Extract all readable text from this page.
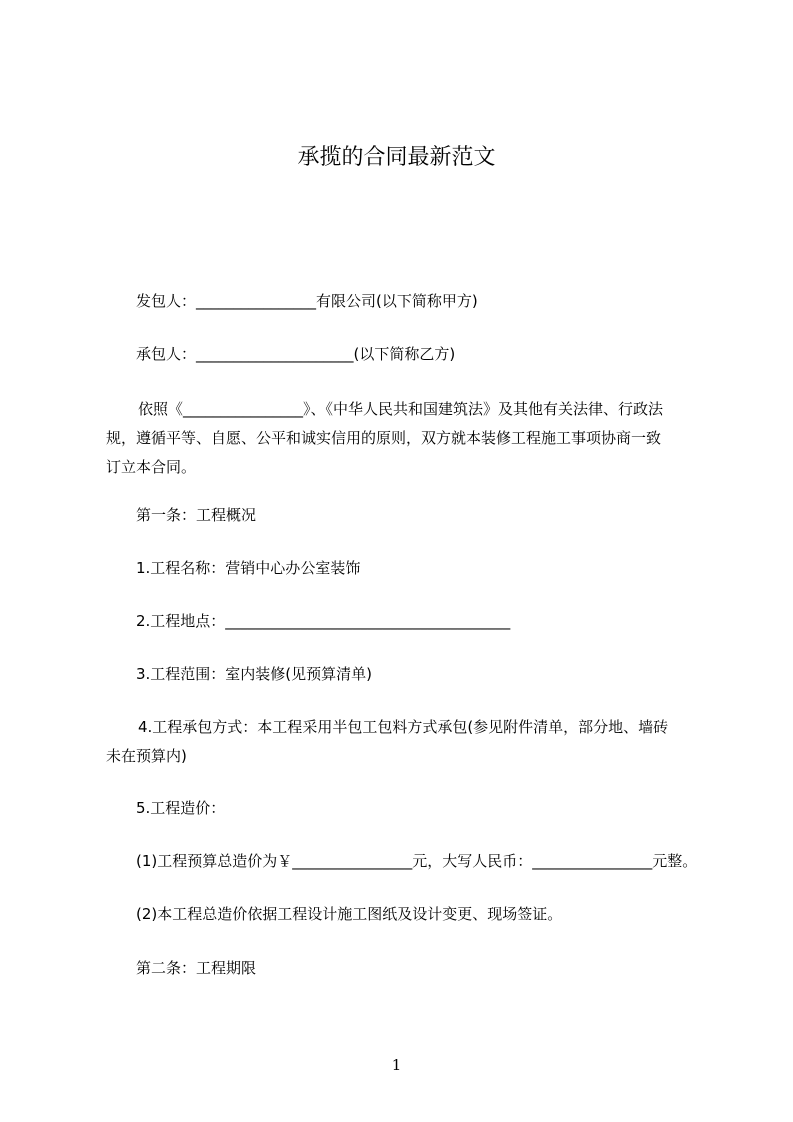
承揽的合同最新范文
发包人：________________有限公司(以下简称甲方)
承包人：_____________________(以下简称乙方)
依照《________________》、《中华人民共和国建筑法》及其他有关法律、行政法
规，遵循平等、自愿、公平和诚实信用的原则，双方就本装修工程施工事项协商一致
订立本合同。
第一条：工程概况
1.工程名称：营销中心办公室装饰
2.工程地点：______________________________________
3.工程范围：室内装修(见预算清单)
4.工程承包方式：本工程采用半包工包料方式承包(参见附件清单，部分地、墙砖
未在预算内)
5.工程造价：
(1)工程预算总造价为￥________________元，大写人民币：________________元整。
(2)本工程总造价依据工程设计施工图纸及设计变更、现场签证。
第二条：工程期限
1
